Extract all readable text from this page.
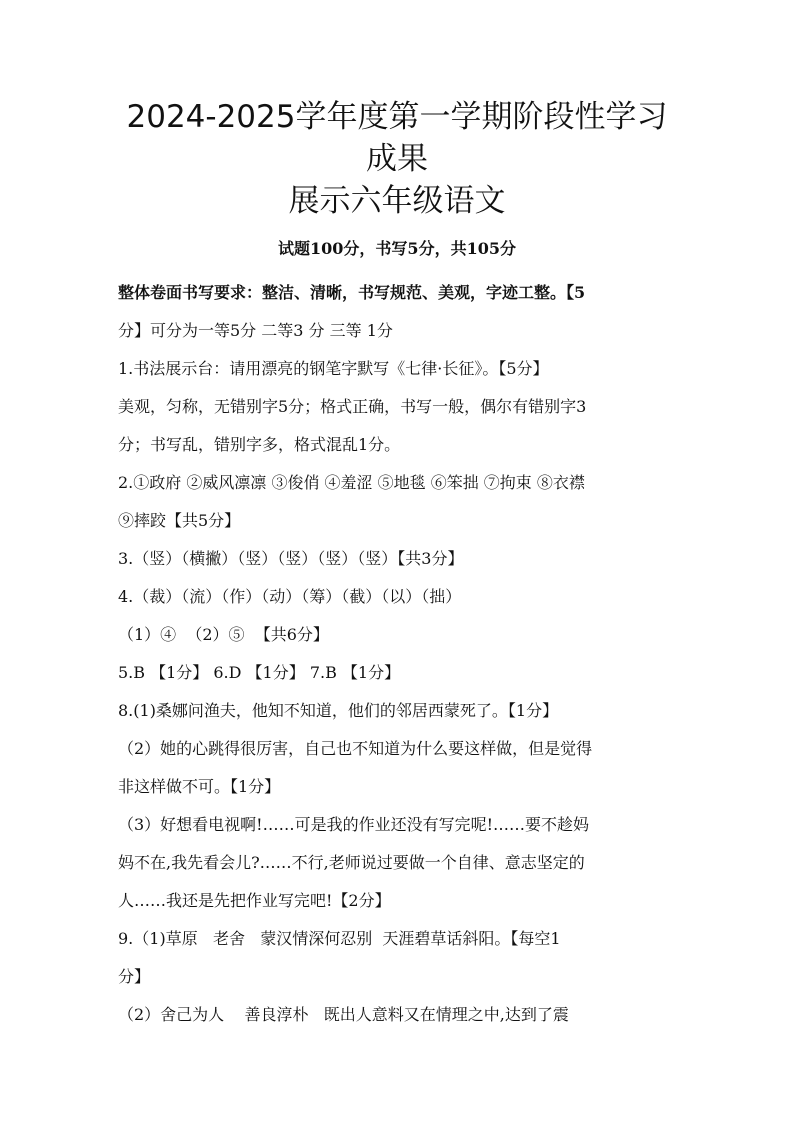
2024-2025学年度第一学期阶段性学习成果
展示六年级语文
试题100分，书写5分，共105分

整体卷面书写要求：整洁、清晰，书写规范、美观，字迹工整。【5

分】可分为一等5分 二等3 分 三等 1分

1.书法展示台：请用漂亮的钢笔字默写《七律·长征》。【5分】

美观，匀称，无错别字5分；格式正确，书写一般，偶尔有错别字3

分；书写乱，错别字多，格式混乱1分。

2.①政府 ②威风凛凛 ③俊俏 ④羞涩 ⑤地毯 ⑥笨拙 ⑦拘束 ⑧衣襟

⑨摔跤【共5分】

3.（竖）（横撇）（竖）（竖）（竖）（竖）【共3分】

4.（裁）（流）（作）（动）（筹）（截）（以）（拙）

（1）④  （2）⑤  【共6分】

5.B 【1分】 6.D 【1分】 7.B 【1分】

8.(1)桑娜问渔夫，他知不知道，他们的邻居西蒙死了。【1分】

（2）她的心跳得很厉害，自己也不知道为什么要这样做，但是觉得

非这样做不可。【1分】

（3）好想看电视啊!……可是我的作业还没有写完呢!……要不趁妈

妈不在,我先看会儿?……不行,老师说过要做一个自律、意志坚定的

人……我还是先把作业写完吧!【2分】

9.（1)草原   老舍   蒙汉情深何忍别  天涯碧草话斜阳。【每空1

分】

（2）舍己为人    善良淳朴   既出人意料又在情理之中,达到了震
